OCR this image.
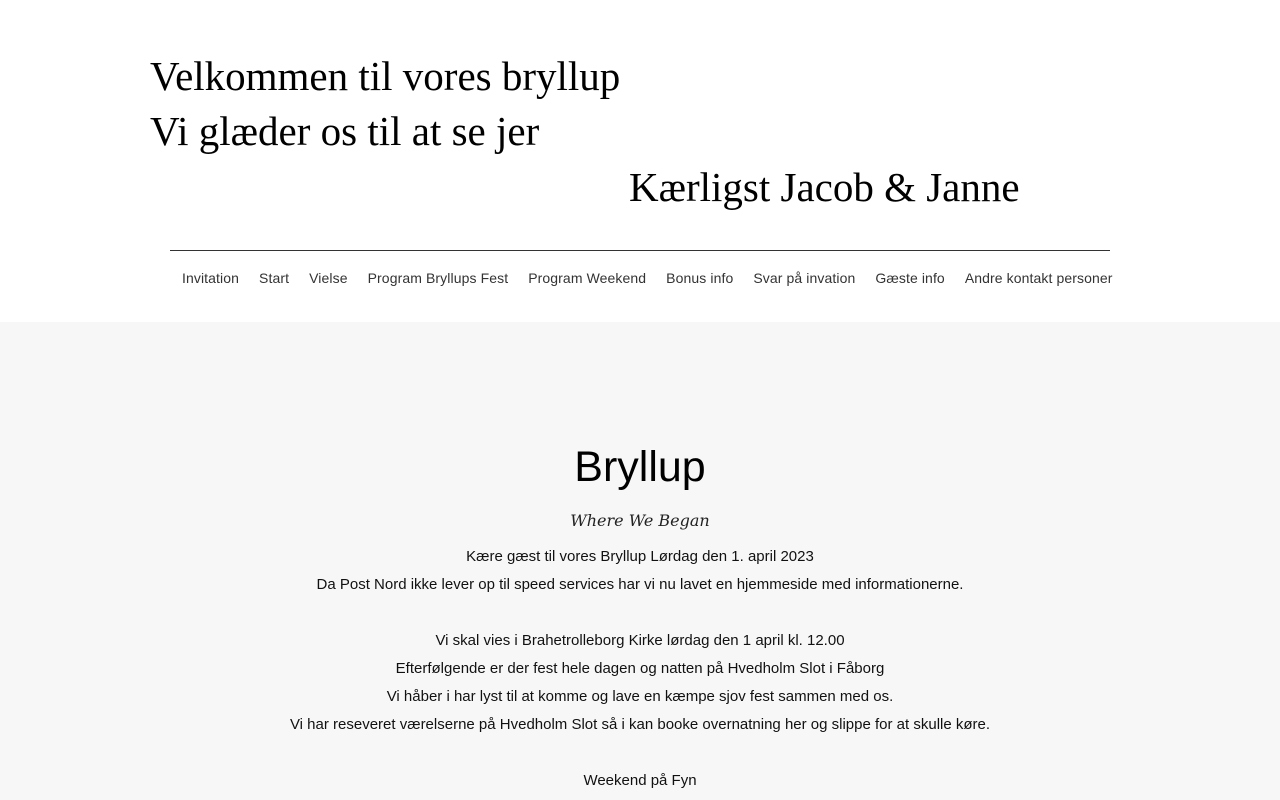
Velkommen til vores bryllup
Vi glæder os til at se jer
Kærligst Jacob & Janne
Invitation	Start	Vielse	Program Bryllups Fest	Program Weekend	Bonus info	Svar på invation	Gæste info	Andre kontakt personer
Bryllup
Where We Began
Kære gæst til vores Bryllup Lørdag den 1. april 2023
Da Post Nord ikke lever op til speed services har vi nu lavet en hjemmeside med informationerne.
Vi skal vies i Brahetrolleborg Kirke lørdag den 1 april kl. 12.00
Efterfølgende er der fest hele dagen og natten på Hvedholm Slot i Fåborg
Vi håber i har lyst til at komme og lave en kæmpe sjov fest sammen med os.
Vi har reseveret værelserne på Hvedholm Slot så i kan booke overnatning her og slippe for at skulle køre.
Weekend på Fyn
